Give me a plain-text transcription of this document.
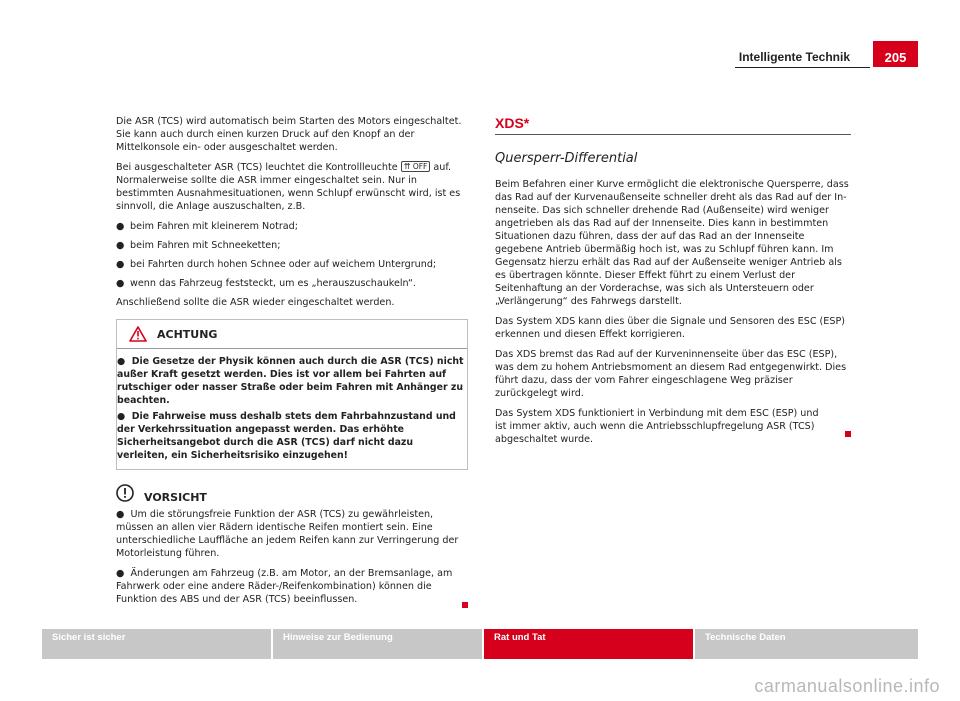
Intelligente Technik	205

Die ASR (TCS) wird automatisch beim Starten des Motors eingeschaltet. Sie kann auch durch einen kurzen Druck auf den Knopf an der Mittelkonsole ein- oder ausgeschaltet werden.

Bei ausgeschalteter ASR (TCS) leuchtet die Kontrollleuchte ⇈ OFF auf. Normalerweise sollte die ASR immer eingeschaltet sein. Nur in bestimmten Ausnahmesituationen, wenn Schlupf erwünscht wird, ist es sinnvoll, die Anlage auszuschalten, z.B.

● beim Fahren mit kleinerem Notrad;
● beim Fahren mit Schneeketten;
● bei Fahrten durch hohen Schnee oder auf weichem Untergrund;
● wenn das Fahrzeug feststeckt, um es „herauszuschaukeln“.

Anschließend sollte die ASR wieder eingeschaltet werden.

ACHTUNG

● Die Gesetze der Physik können auch durch die ASR (TCS) nicht außer Kraft gesetzt werden. Dies ist vor allem bei Fahrten auf rutschiger oder nasser Straße oder beim Fahren mit Anhänger zu beachten.

● Die Fahrweise muss deshalb stets dem Fahrbahnzustand und der Verkehrssituation angepasst werden. Das erhöhte Sicherheitsangebot durch die ASR (TCS) darf nicht dazu verleiten, ein Sicherheitsrisiko einzugehen!

VORSICHT

● Um die störungsfreie Funktion der ASR (TCS) zu gewährleisten, müssen an allen vier Rädern identische Reifen montiert sein. Eine unterschiedliche Lauffläche an jedem Reifen kann zur Verringerung der Motorleistung führen.

● Änderungen am Fahrzeug (z.B. am Motor, an der Bremsanlage, am Fahrwerk oder eine andere Räder-/Reifenkombination) können die Funktion des ABS und der ASR (TCS) beeinflussen.

XDS*
Quersperr-Differential

Beim Befahren einer Kurve ermöglicht die elektronische Quersperre, dass das Rad auf der Kurvenaußenseite schneller dreht als das Rad auf der Innenseite. Das sich schneller drehende Rad (Außenseite) wird weniger angetrieben als das Rad auf der Innenseite. Dies kann in bestimmten Situationen dazu führen, dass der auf das Rad an der Innenseite gegebene Antrieb übermäßig hoch ist, was zu Schlupf führen kann. Im Gegensatz hierzu erhält das Rad auf der Außenseite weniger Antrieb als es übertragen könnte. Dieser Effekt führt zu einem Verlust der Seitenhaftung an der Vorderachse, was sich als Untersteuern oder „Verlängerung“ des Fahrwegs darstellt.

Das System XDS kann dies über die Signale und Sensoren des ESC (ESP) erkennen und diesen Effekt korrigieren.

Das XDS bremst das Rad auf der Kurveninnenseite über das ESC (ESP), was dem zu hohem Antriebsmoment an diesem Rad entgegenwirkt. Dies führt dazu, dass der vom Fahrer eingeschlagene Weg präziser zurückgelegt wird.

Das System XDS funktioniert in Verbindung mit dem ESC (ESP) und ist immer aktiv, auch wenn die Antriebsschlupfregelung ASR (TCS) abgeschaltet wurde.

Sicher ist sicher	Hinweise zur Bedienung	Rat und Tat	Technische Daten
carmanualsonline.info
